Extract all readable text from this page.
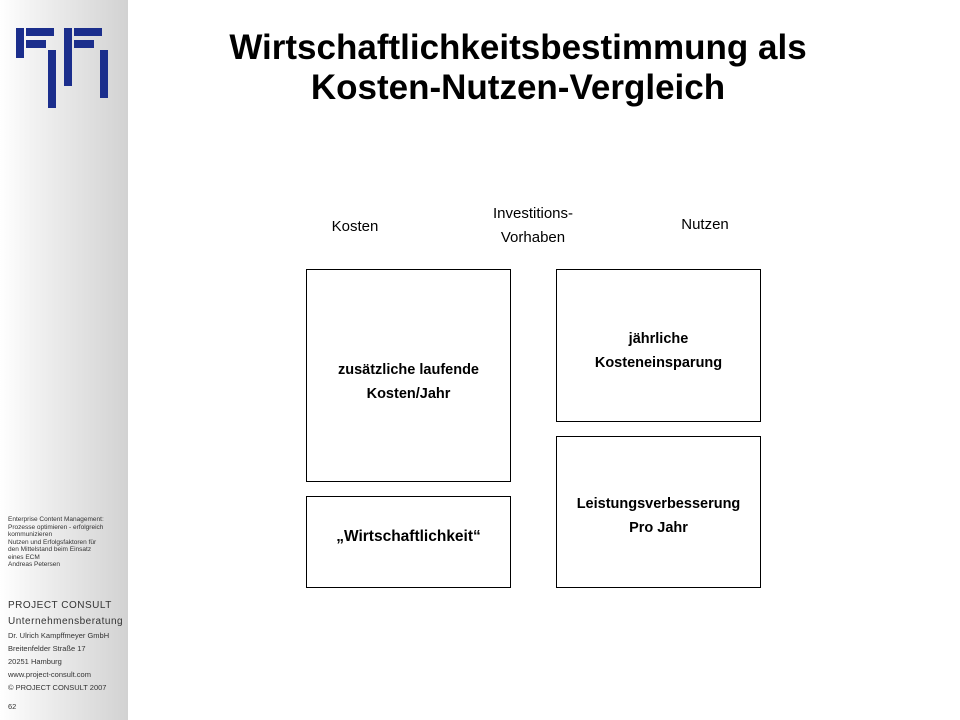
Enterprise Content Management:
Prozesse optimieren - erfolgreich
kommunizieren
Nutzen und Erfolgsfaktoren für
den Mittelstand beim Einsatz
eines ECM
Andreas Petersen
PROJECT CONSULT
Unternehmensberatung
Dr. Ulrich Kampffmeyer GmbH
Breitenfelder Straße 17
20251 Hamburg
www.project-consult.com
© PROJECT CONSULT 2007
62
Wirtschaftlichkeitsbestimmung als
Kosten-Nutzen-Vergleich
Kosten
Investitions-
Vorhaben
Nutzen
zusätzliche laufende
Kosten/Jahr
„Wirtschaftlichkeit“
jährliche
Kosteneinsparung
Leistungsverbesserung
Pro Jahr
